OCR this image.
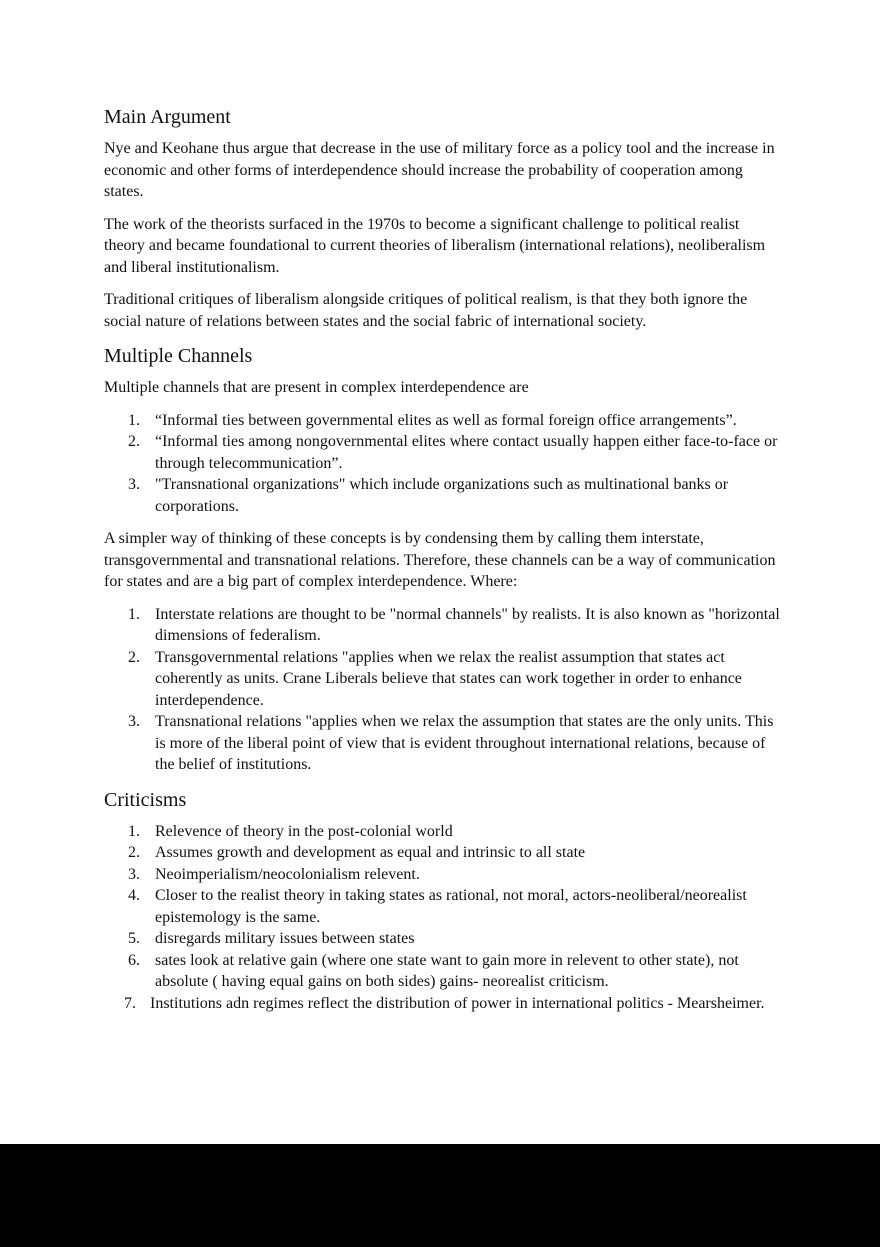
Main Argument

Nye and Keohane thus argue that decrease in the use of military force as a policy tool and the increase in economic and other forms of interdependence should increase the probability of cooperation among states.

The work of the theorists surfaced in the 1970s to become a significant challenge to political realist theory and became foundational to current theories of liberalism (international relations), neoliberalism and liberal institutionalism.

Traditional critiques of liberalism alongside critiques of political realism, is that they both ignore the social nature of relations between states and the social fabric of international society.

Multiple Channels

Multiple channels that are present in complex interdependence are

1. “Informal ties between governmental elites as well as formal foreign office arrangements”.
2. “Informal ties among nongovernmental elites where contact usually happen either face-to-face or through telecommunication”.
3. "Transnational organizations" which include organizations such as multinational banks or corporations.

A simpler way of thinking of these concepts is by condensing them by calling them interstate, transgovernmental and transnational relations. Therefore, these channels can be a way of communication for states and are a big part of complex interdependence. Where:

1. Interstate relations are thought to be "normal channels" by realists. It is also known as "horizontal dimensions of federalism.
2. Transgovernmental relations "applies when we relax the realist assumption that states act coherently as units. Crane Liberals believe that states can work together in order to enhance interdependence.
3. Transnational relations "applies when we relax the assumption that states are the only units. This is more of the liberal point of view that is evident throughout international relations, because of the belief of institutions.
Criticisms
1. Relevence of theory in the post-colonial world
2. Assumes growth and development as equal and intrinsic to all state
3. Neoimperialism/neocolonialism relevent.
4. Closer to the realist theory in taking states as rational, not moral, actors-neoliberal/neorealist epistemology is the same.
5. disregards military issues between states
6. sates look at relative gain (where one state want to gain more in relevent to other state), not absolute ( having equal gains on both sides) gains- neorealist criticism.
7. Institutions adn regimes reflect the distribution of power in international politics - Mearsheimer.
